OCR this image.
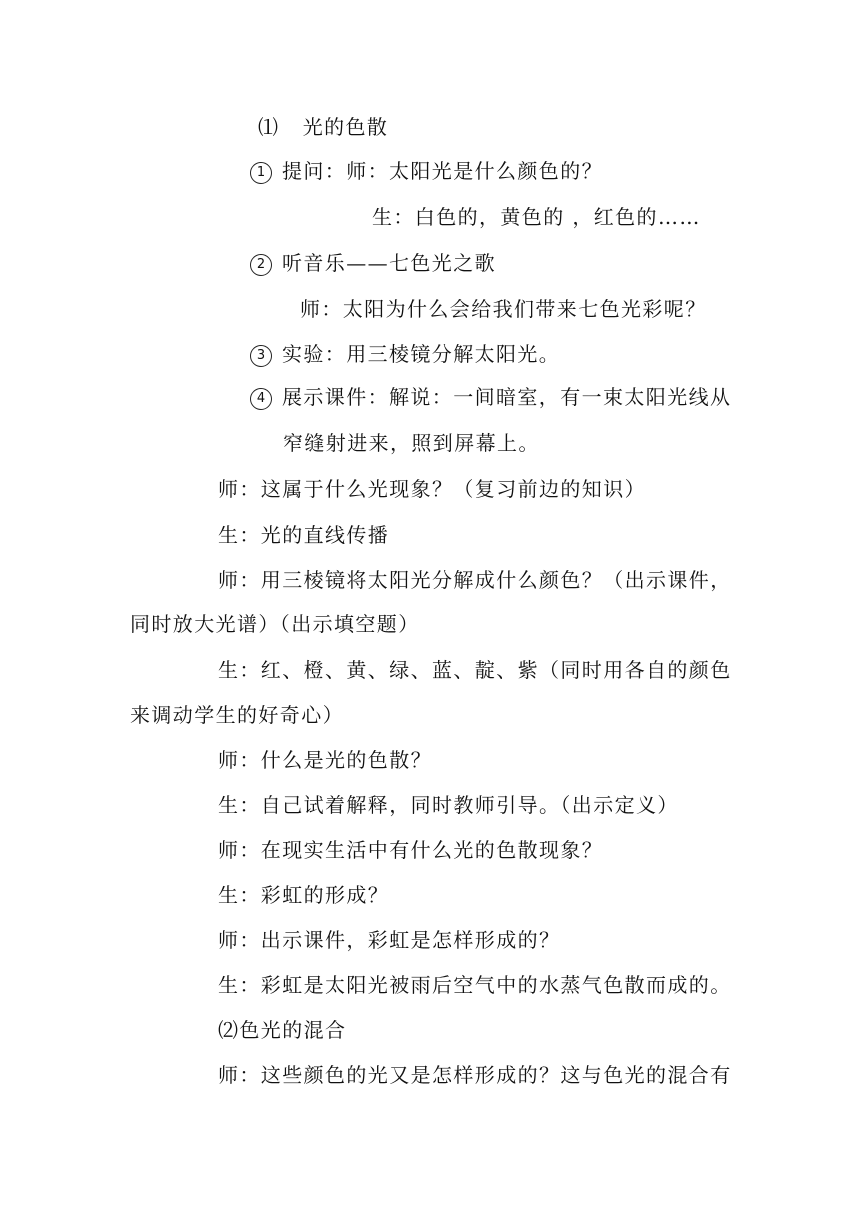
⑴ 光的色散
1 提问：师：太阳光是什么颜色的？
生：白色的，黄色的 ，红色的……
2 听音乐——七色光之歌
师：太阳为什么会给我们带来七色光彩呢？
3 实验：用三棱镜分解太阳光。
4 展示课件：解说：一间暗室，有一束太阳光线从
窄缝射进来，照到屏幕上。
师：这属于什么光现象？（复习前边的知识）
生：光的直线传播
师：用三棱镜将太阳光分解成什么颜色？（出示课件，
同时放大光谱）（出示填空题）
生：红、橙、黄、绿、蓝、靛、紫（同时用各自的颜色
来调动学生的好奇心）
师：什么是光的色散？
生：自己试着解释，同时教师引导。（出示定义）
师：在现实生活中有什么光的色散现象？
生：彩虹的形成？
师：出示课件，彩虹是怎样形成的？
生：彩虹是太阳光被雨后空气中的水蒸气色散而成的。
⑵色光的混合
师：这些颜色的光又是怎样形成的？这与色光的混合有
